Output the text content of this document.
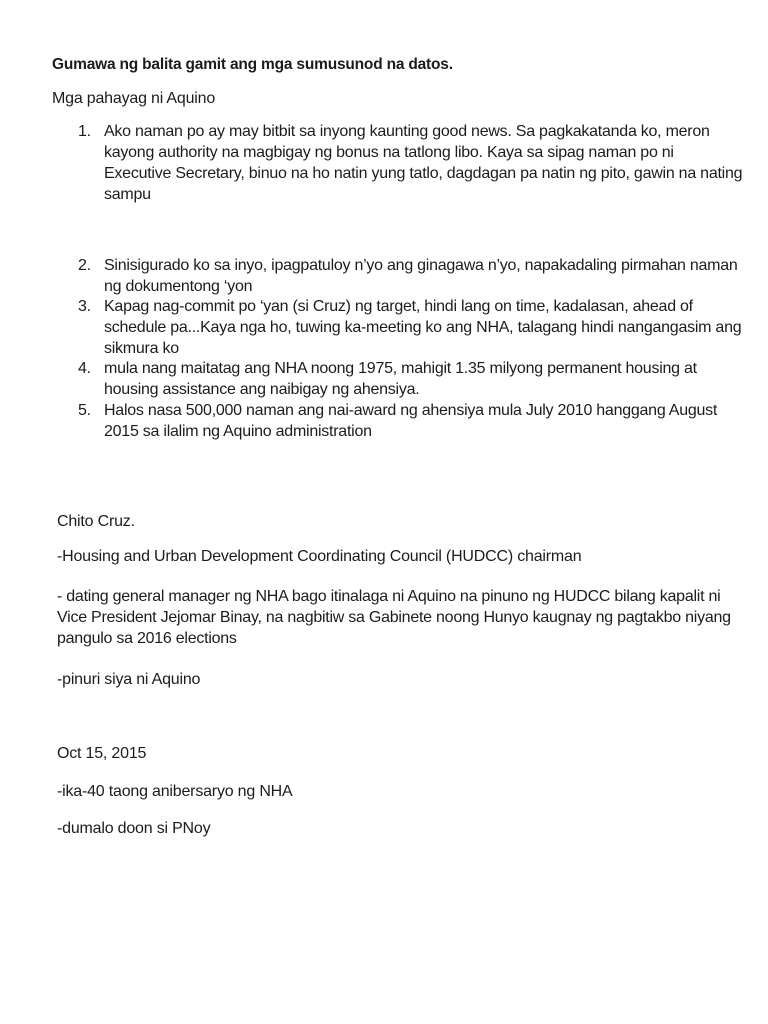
Gumawa ng balita gamit ang mga sumusunod na datos.
Mga pahayag ni Aquino
1. Ako naman po ay may bitbit sa inyong kaunting good news. Sa pagkakatanda ko, meron kayong authority na magbigay ng bonus na tatlong libo. Kaya sa sipag naman po ni Executive Secretary, binuo na ho natin yung tatlo, dagdagan pa natin ng pito, gawin na nating sampu
2. Sinisigurado ko sa inyo, ipagpatuloy n’yo ang ginagawa n’yo, napakadaling pirmahan naman ng dokumentong ‘yon
3. Kapag nag-commit po ‘yan (si Cruz) ng target, hindi lang on time, kadalasan, ahead of schedule pa...Kaya nga ho, tuwing ka-meeting ko ang NHA, talagang hindi nangangasim ang sikmura ko
4. mula nang maitatag ang NHA noong 1975, mahigit 1.35 milyong permanent housing at housing assistance ang naibigay ng ahensiya.
5. Halos nasa 500,000 naman ang nai-award ng ahensiya mula July 2010 hanggang August 2015 sa ilalim ng Aquino administration
Chito Cruz.
-Housing and Urban Development Coordinating Council (HUDCC) chairman
- dating general manager ng NHA bago itinalaga ni Aquino na pinuno ng HUDCC bilang kapalit ni Vice President Jejomar Binay, na nagbitiw sa Gabinete noong Hunyo kaugnay ng pagtakbo niyang pangulo sa 2016 elections
-pinuri siya ni Aquino
Oct 15, 2015
-ika-40 taong anibersaryo ng NHA
-dumalo doon si PNoy
